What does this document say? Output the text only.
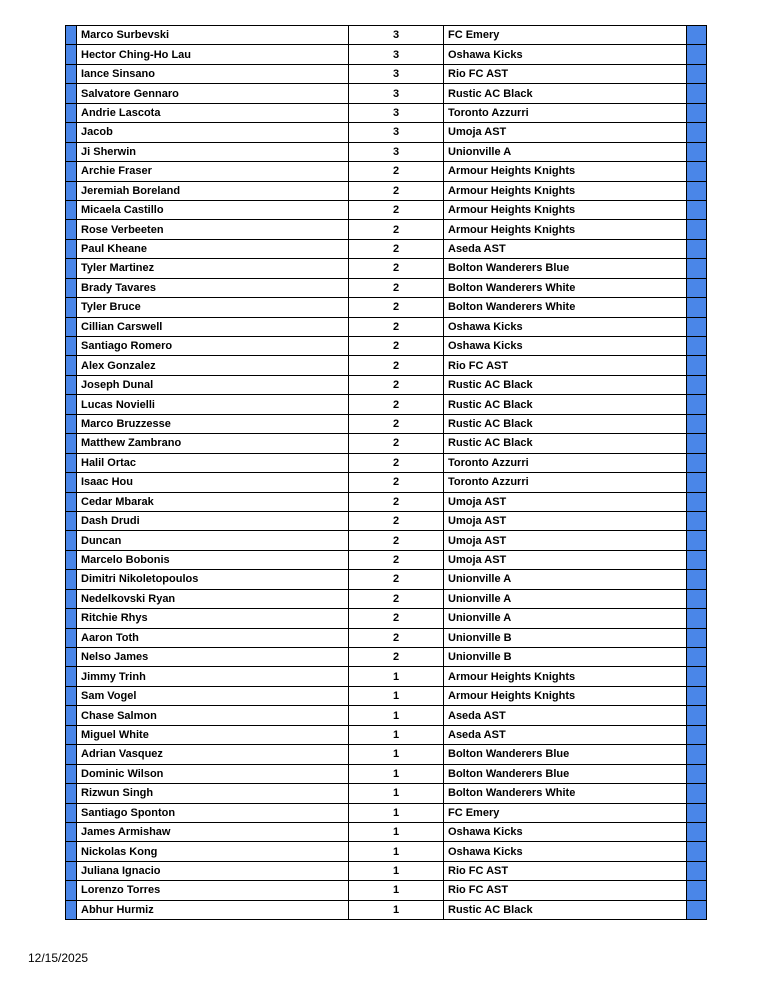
	Marco Surbevski	3	FC Emery	
	Hector Ching-Ho Lau	3	Oshawa Kicks	
	Iance Sinsano	3	Rio FC AST	
	Salvatore Gennaro	3	Rustic AC Black	
	Andrie Lascota	3	Toronto Azzurri	
	Jacob	3	Umoja AST	
	Ji Sherwin	3	Unionville A	
	Archie Fraser	2	Armour Heights Knights	
	Jeremiah Boreland	2	Armour Heights Knights	
	Micaela Castillo	2	Armour Heights Knights	
	Rose Verbeeten	2	Armour Heights Knights	
	Paul Kheane	2	Aseda AST	
	Tyler Martinez	2	Bolton Wanderers Blue	
	Brady Tavares	2	Bolton Wanderers White	
	Tyler Bruce	2	Bolton Wanderers White	
	Cillian Carswell	2	Oshawa Kicks	
	Santiago Romero	2	Oshawa Kicks	
	Alex Gonzalez	2	Rio FC AST	
	Joseph Dunal	2	Rustic AC Black	
	Lucas Novielli	2	Rustic AC Black	
	Marco Bruzzesse	2	Rustic AC Black	
	Matthew Zambrano	2	Rustic AC Black	
	Halil Ortac	2	Toronto Azzurri	
	Isaac Hou	2	Toronto Azzurri	
	Cedar Mbarak	2	Umoja AST	
	Dash Drudi	2	Umoja AST	
	Duncan	2	Umoja AST	
	Marcelo Bobonis	2	Umoja AST	
	Dimitri Nikoletopoulos	2	Unionville A	
	Nedelkovski Ryan	2	Unionville A	
	Ritchie Rhys	2	Unionville A	
	Aaron Toth	2	Unionville B	
	Nelso James	2	Unionville B	
	Jimmy Trinh	1	Armour Heights Knights	
	Sam Vogel	1	Armour Heights Knights	
	Chase Salmon	1	Aseda AST	
	Miguel White	1	Aseda AST	
	Adrian Vasquez	1	Bolton Wanderers Blue	
	Dominic Wilson	1	Bolton Wanderers Blue	
	Rizwun Singh	1	Bolton Wanderers White	
	Santiago Sponton	1	FC Emery	
	James Armishaw	1	Oshawa Kicks	
	Nickolas Kong	1	Oshawa Kicks	
	Juliana Ignacio	1	Rio FC AST	
	Lorenzo Torres	1	Rio FC AST	
	Abhur Hurmiz	1	Rustic AC Black	
12/15/2025
